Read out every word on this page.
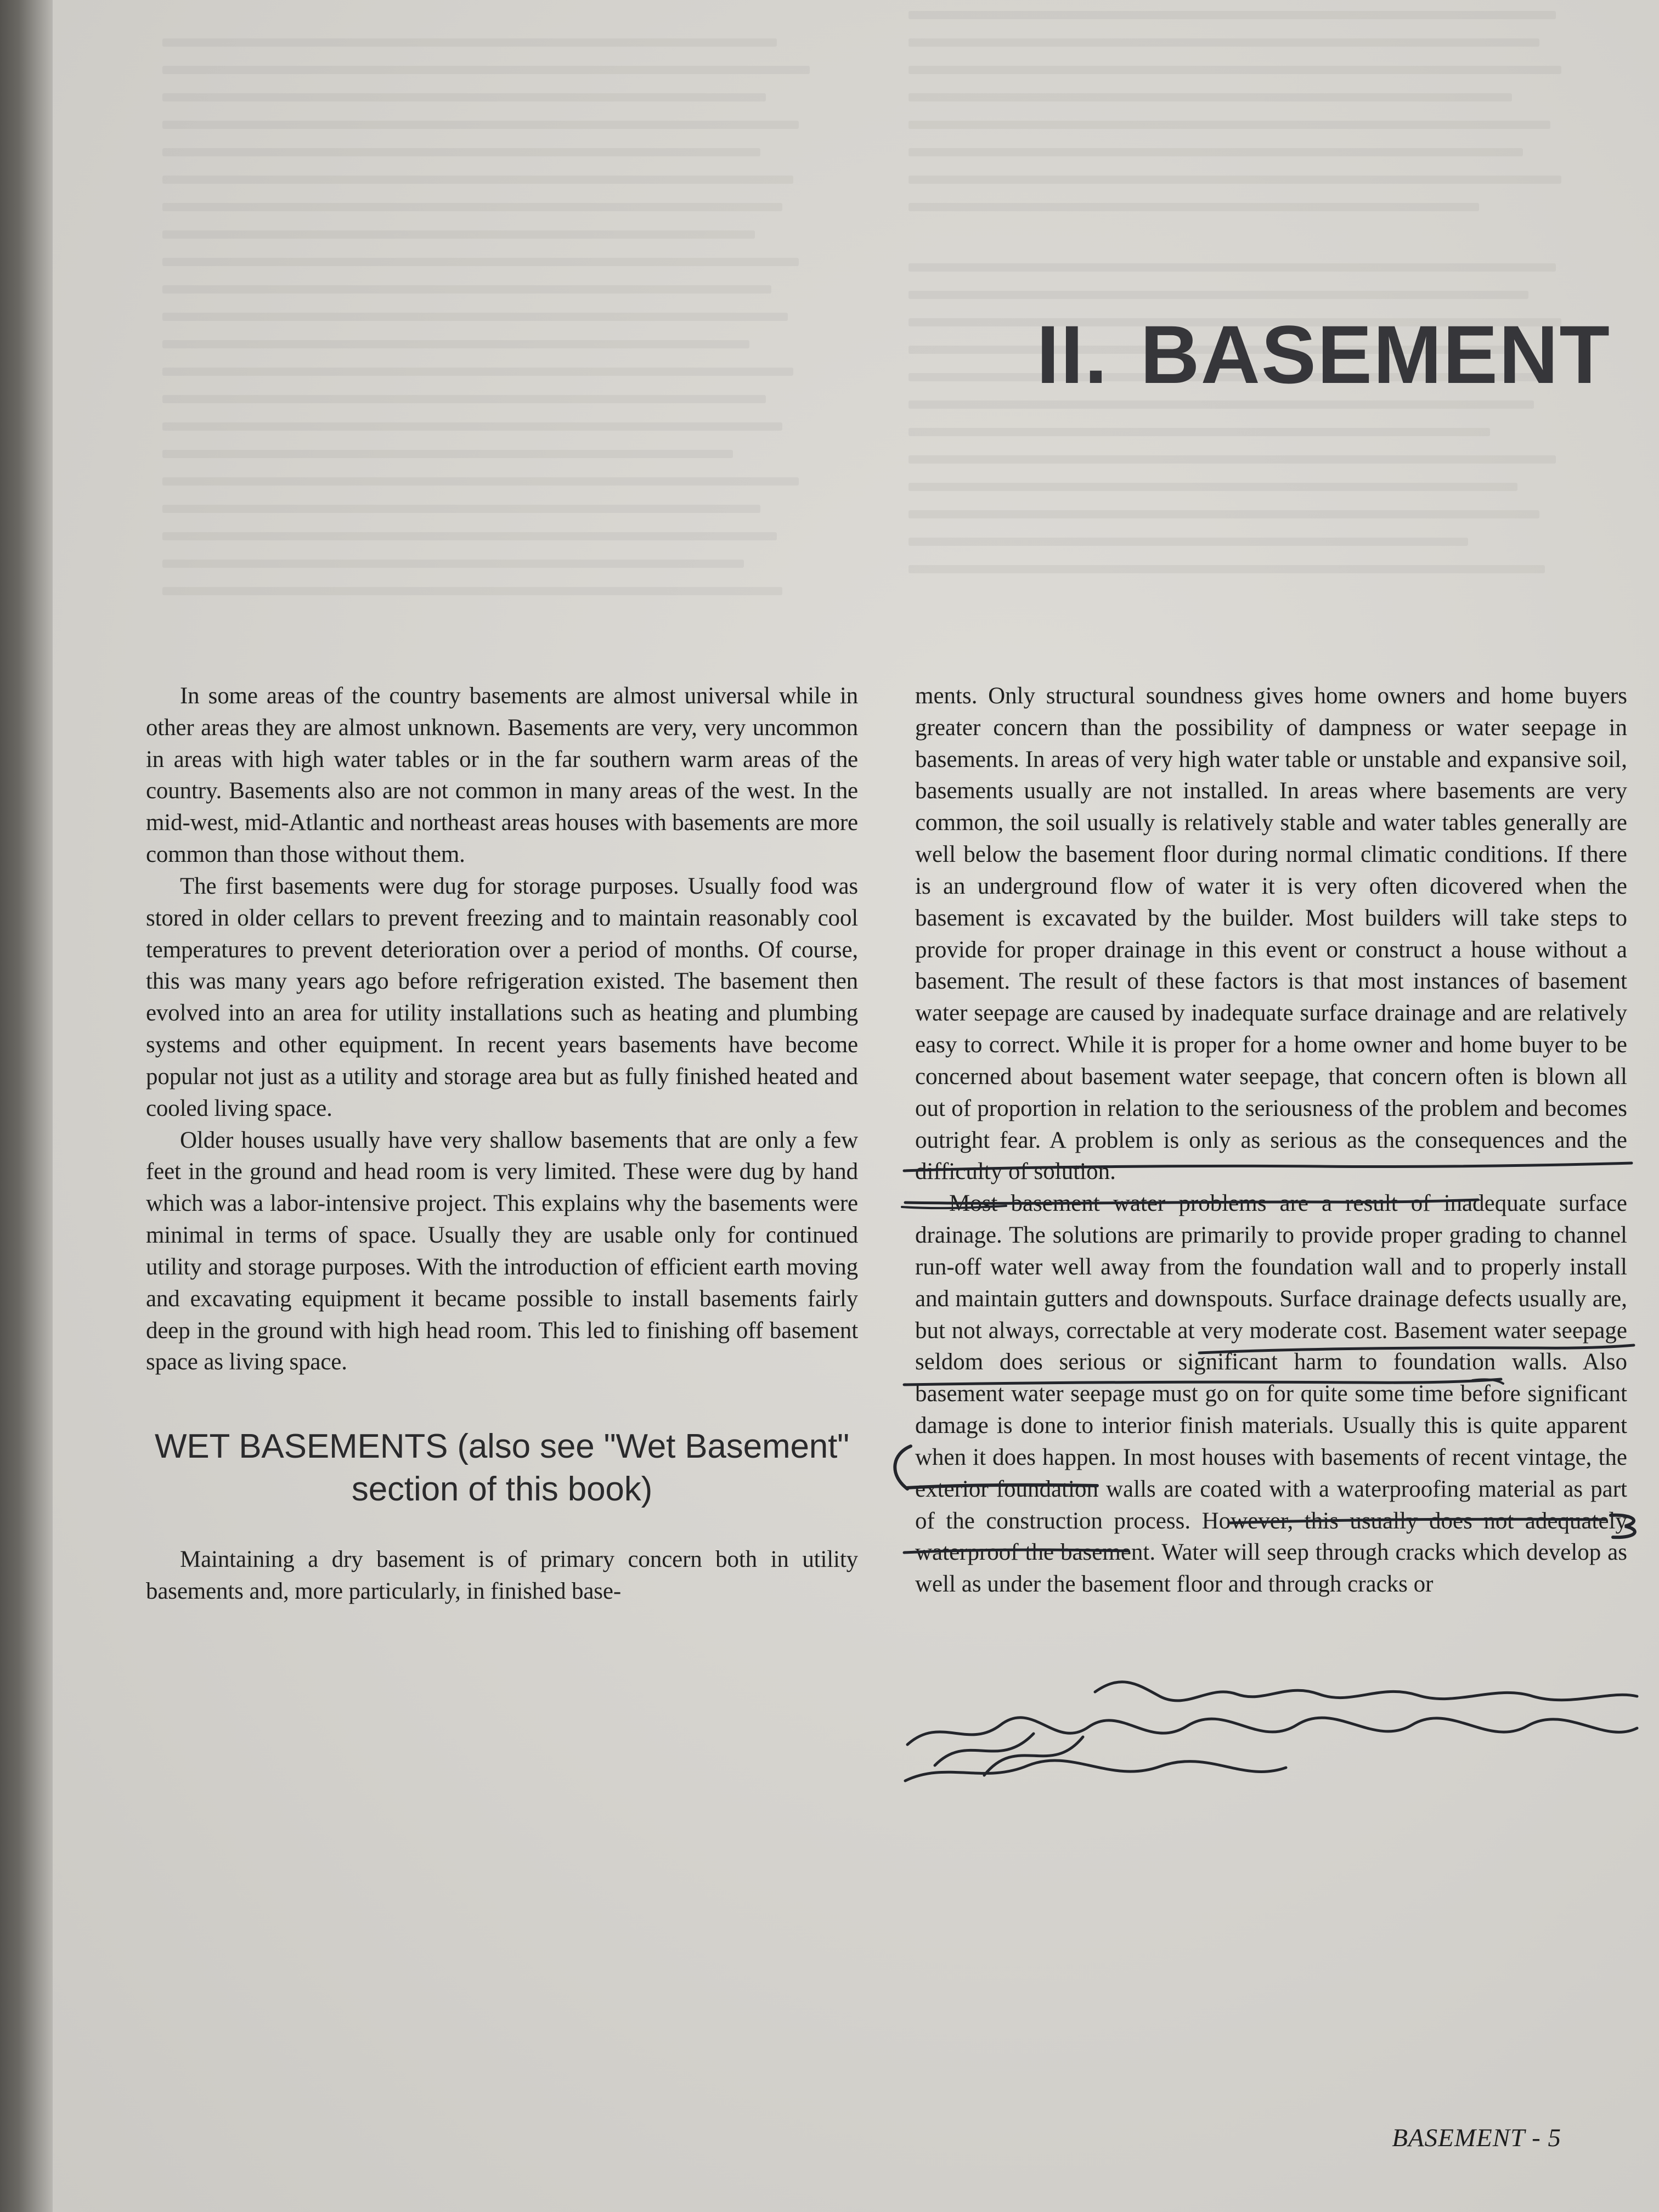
II. BASEMENT

In some areas of the country basements are almost universal while in other areas they are almost unknown. Basements are very, very uncommon in areas with high water tables or in the far southern warm areas of the country. Basements also are not common in many areas of the west. In the mid-west, mid-Atlantic and northeast areas houses with basements are more common than those without them.

The first basements were dug for storage purposes. Usually food was stored in older cellars to prevent freezing and to maintain reasonably cool temperatures to prevent deterioration over a period of months. Of course, this was many years ago before refrigeration existed. The basement then evolved into an area for utility installations such as heating and plumbing systems and other equipment. In recent years basements have become popular not just as a utility and storage area but as fully finished heated and cooled living space.

Older houses usually have very shallow basements that are only a few feet in the ground and head room is very limited. These were dug by hand which was a labor-intensive project. This explains why the basements were minimal in terms of space. Usually they are usable only for continued utility and storage purposes. With the introduction of efficient earth moving and excavating equipment it became possible to install basements fairly deep in the ground with high head room. This led to finishing off basement space as living space.

WET BASEMENTS (also see "Wet Basement" section of this book)

Maintaining a dry basement is of primary concern both in utility basements and, more particularly, in finished base-

ments. Only structural soundness gives home owners and home buyers greater concern than the possibility of dampness or water seepage in basements. In areas of very high water table or unstable and expansive soil, basements usually are not installed. In areas where basements are very common, the soil usually is relatively stable and water tables generally are well below the basement floor during normal climatic conditions. If there is an underground flow of water it is very often dicovered when the basement is excavated by the builder. Most builders will take steps to provide for proper drainage in this event or construct a house without a basement. The result of these factors is that most instances of basement water seepage are caused by inadequate surface drainage and are relatively easy to correct. While it is proper for a home owner and home buyer to be concerned about basement water seepage, that concern often is blown all out of proportion in relation to the seriousness of the problem and becomes outright fear. A problem is only as serious as the consequences and the difficulty of solution.

Most basement water problems are a result of inadequate surface drainage. The solutions are primarily to provide proper grading to channel run-off water well away from the foundation wall and to properly install and maintain gutters and downspouts. Surface drainage defects usually are, but not always, correctable at very moderate cost. Basement water seepage seldom does serious or significant harm to foundation walls. Also basement water seepage must go on for quite some time before significant damage is done to interior finish materials. Usually this is quite apparent when it does happen. In most houses with basements of recent vintage, the exterior foundation walls are coated with a waterproofing material as part of the construction process. However, this usually does not adequately waterproof the basement. Water will seep through cracks which develop as well as under the basement floor and through cracks or

BASEMENT - 5
